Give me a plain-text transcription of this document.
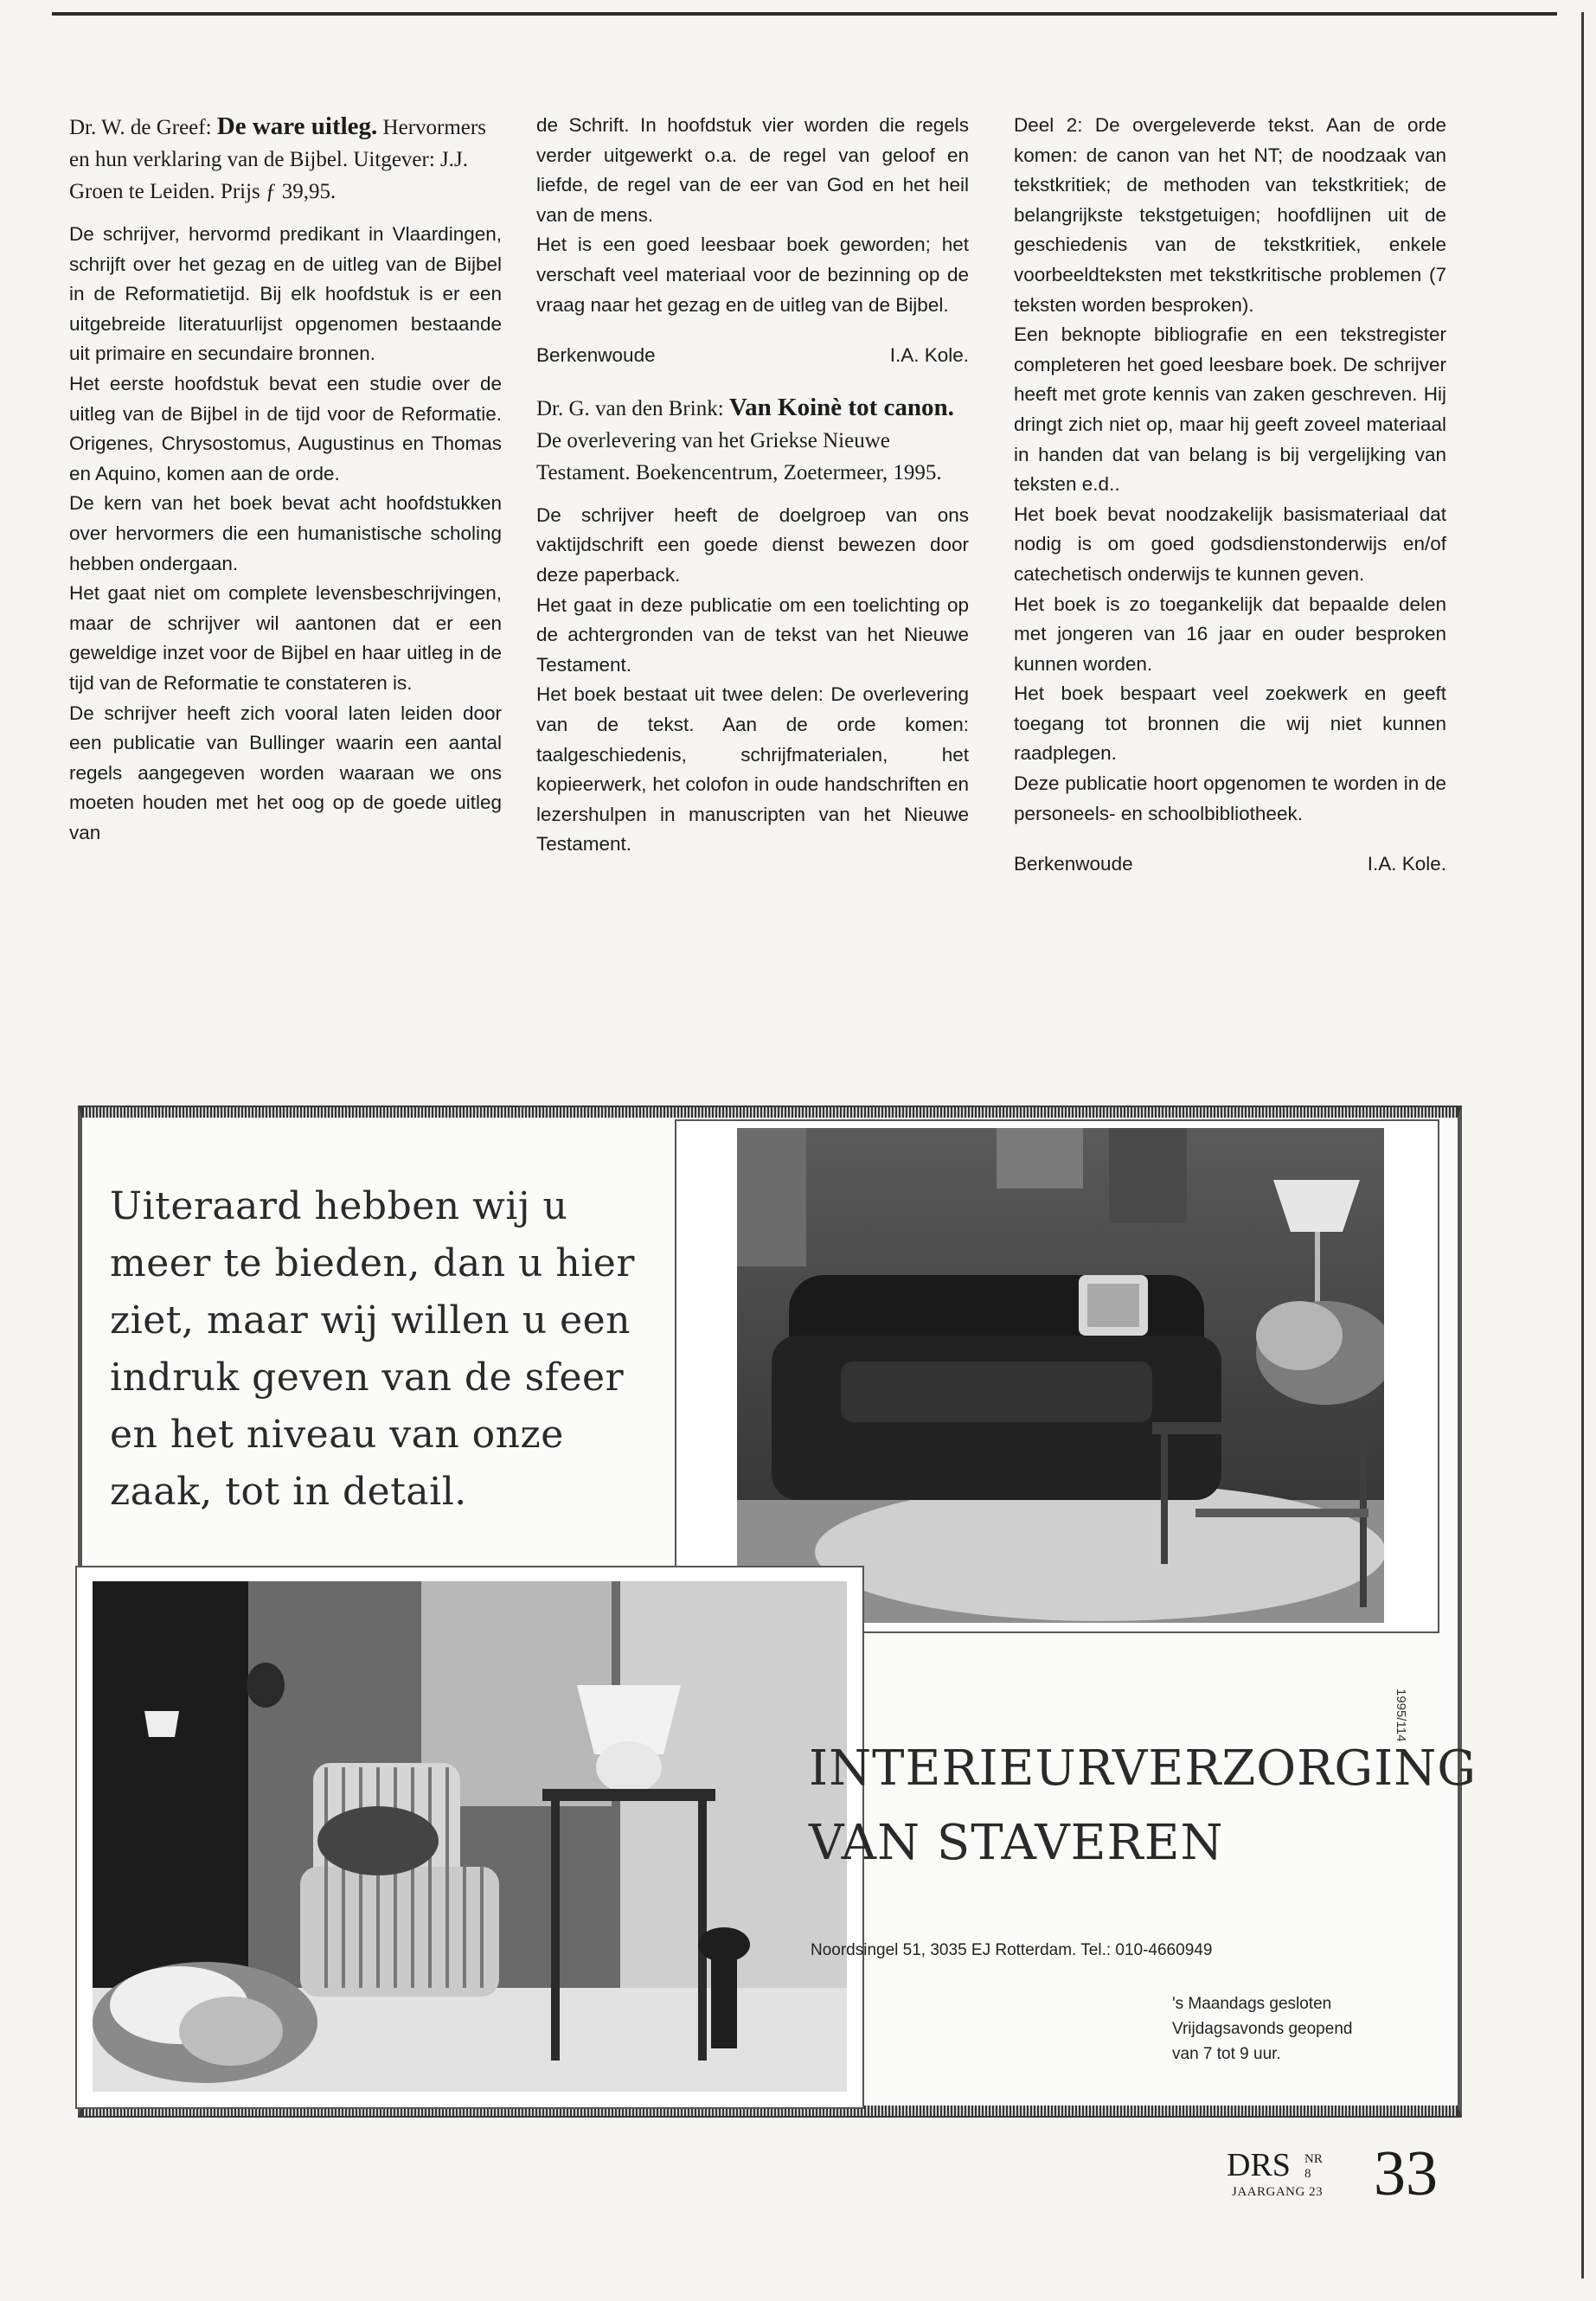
Dr. W. de Greef: De ware uitleg. Hervormers en hun verklaring van de Bijbel. Uitgever: J.J. Groen te Leiden. Prijs ƒ 39,95.

De schrijver, hervormd predikant in Vlaardingen, schrijft over het gezag en de uitleg van de Bijbel in de Reformatietijd. Bij elk hoofdstuk is er een uitgebreide literatuurlijst opgenomen bestaande uit primaire en secundaire bronnen.

Het eerste hoofdstuk bevat een studie over de uitleg van de Bijbel in de tijd voor de Reformatie. Origenes, Chrysostomus, Augustinus en Thomas en Aquino, komen aan de orde.

De kern van het boek bevat acht hoofdstukken over hervormers die een humanistische scholing hebben ondergaan.

Het gaat niet om complete levensbeschrijvingen, maar de schrijver wil aantonen dat er een geweldige inzet voor de Bijbel en haar uitleg in de tijd van de Reformatie te constateren is.

De schrijver heeft zich vooral laten leiden door een publicatie van Bullinger waarin een aantal regels aangegeven worden waaraan we ons moeten houden met het oog op de goede uitleg van

de Schrift. In hoofdstuk vier worden die regels verder uitgewerkt o.a. de regel van geloof en liefde, de regel van de eer van God en het heil van de mens.

Het is een goed leesbaar boek geworden; het verschaft veel materiaal voor de bezinning op de vraag naar het gezag en de uitleg van de Bijbel.

Berkenwoude	I.A. Kole.

Dr. G. van den Brink: Van Koinè tot canon. De overlevering van het Griekse Nieuwe Testament. Boekencentrum, Zoetermeer, 1995.

De schrijver heeft de doelgroep van ons vaktijdschrift een goede dienst bewezen door deze paperback.

Het gaat in deze publicatie om een toelichting op de achtergronden van de tekst van het Nieuwe Testament.

Het boek bestaat uit twee delen: De overlevering van de tekst. Aan de orde komen: taalgeschiedenis, schrijfmaterialen, het kopieerwerk, het colofon in oude handschriften en lezershulpen in manuscripten van het Nieuwe Testament.

Deel 2: De overgeleverde tekst. Aan de orde komen: de canon van het NT; de noodzaak van tekstkritiek; de methoden van tekstkritiek; de belangrijkste tekstgetuigen; hoofdlijnen uit de geschiedenis van de tekstkritiek, enkele voorbeeldteksten met tekstkritische problemen (7 teksten worden besproken).

Een beknopte bibliografie en een tekstregister completeren het goed leesbare boek. De schrijver heeft met grote kennis van zaken geschreven. Hij dringt zich niet op, maar hij geeft zoveel materiaal in handen dat van belang is bij vergelijking van teksten e.d..

Het boek bevat noodzakelijk basismateriaal dat nodig is om goed godsdienstonderwijs en/of catechetisch onderwijs te kunnen geven.

Het boek is zo toegankelijk dat bepaalde delen met jongeren van 16 jaar en ouder besproken kunnen worden.

Het boek bespaart veel zoekwerk en geeft toegang tot bronnen die wij niet kunnen raadplegen.

Deze publicatie hoort opgenomen te worden in de personeels- en schoolbibliotheek.

Berkenwoude	I.A. Kole.

Uiteraard hebben wij u
meer te bieden, dan u hier
ziet, maar wij willen u een
indruk geven van de sfeer
en het niveau van onze
zaak, tot in detail.
INTERIEURVERZORGING
VAN STAVEREN
Noordsingel 51, 3035 EJ Rotterdam. Tel.: 010-4660949
's Maandags gesloten
Vrijdagsavonds geopend
van 7 tot 9 uur.
1995/114
DRS NR 8
JAARGANG 23 33
